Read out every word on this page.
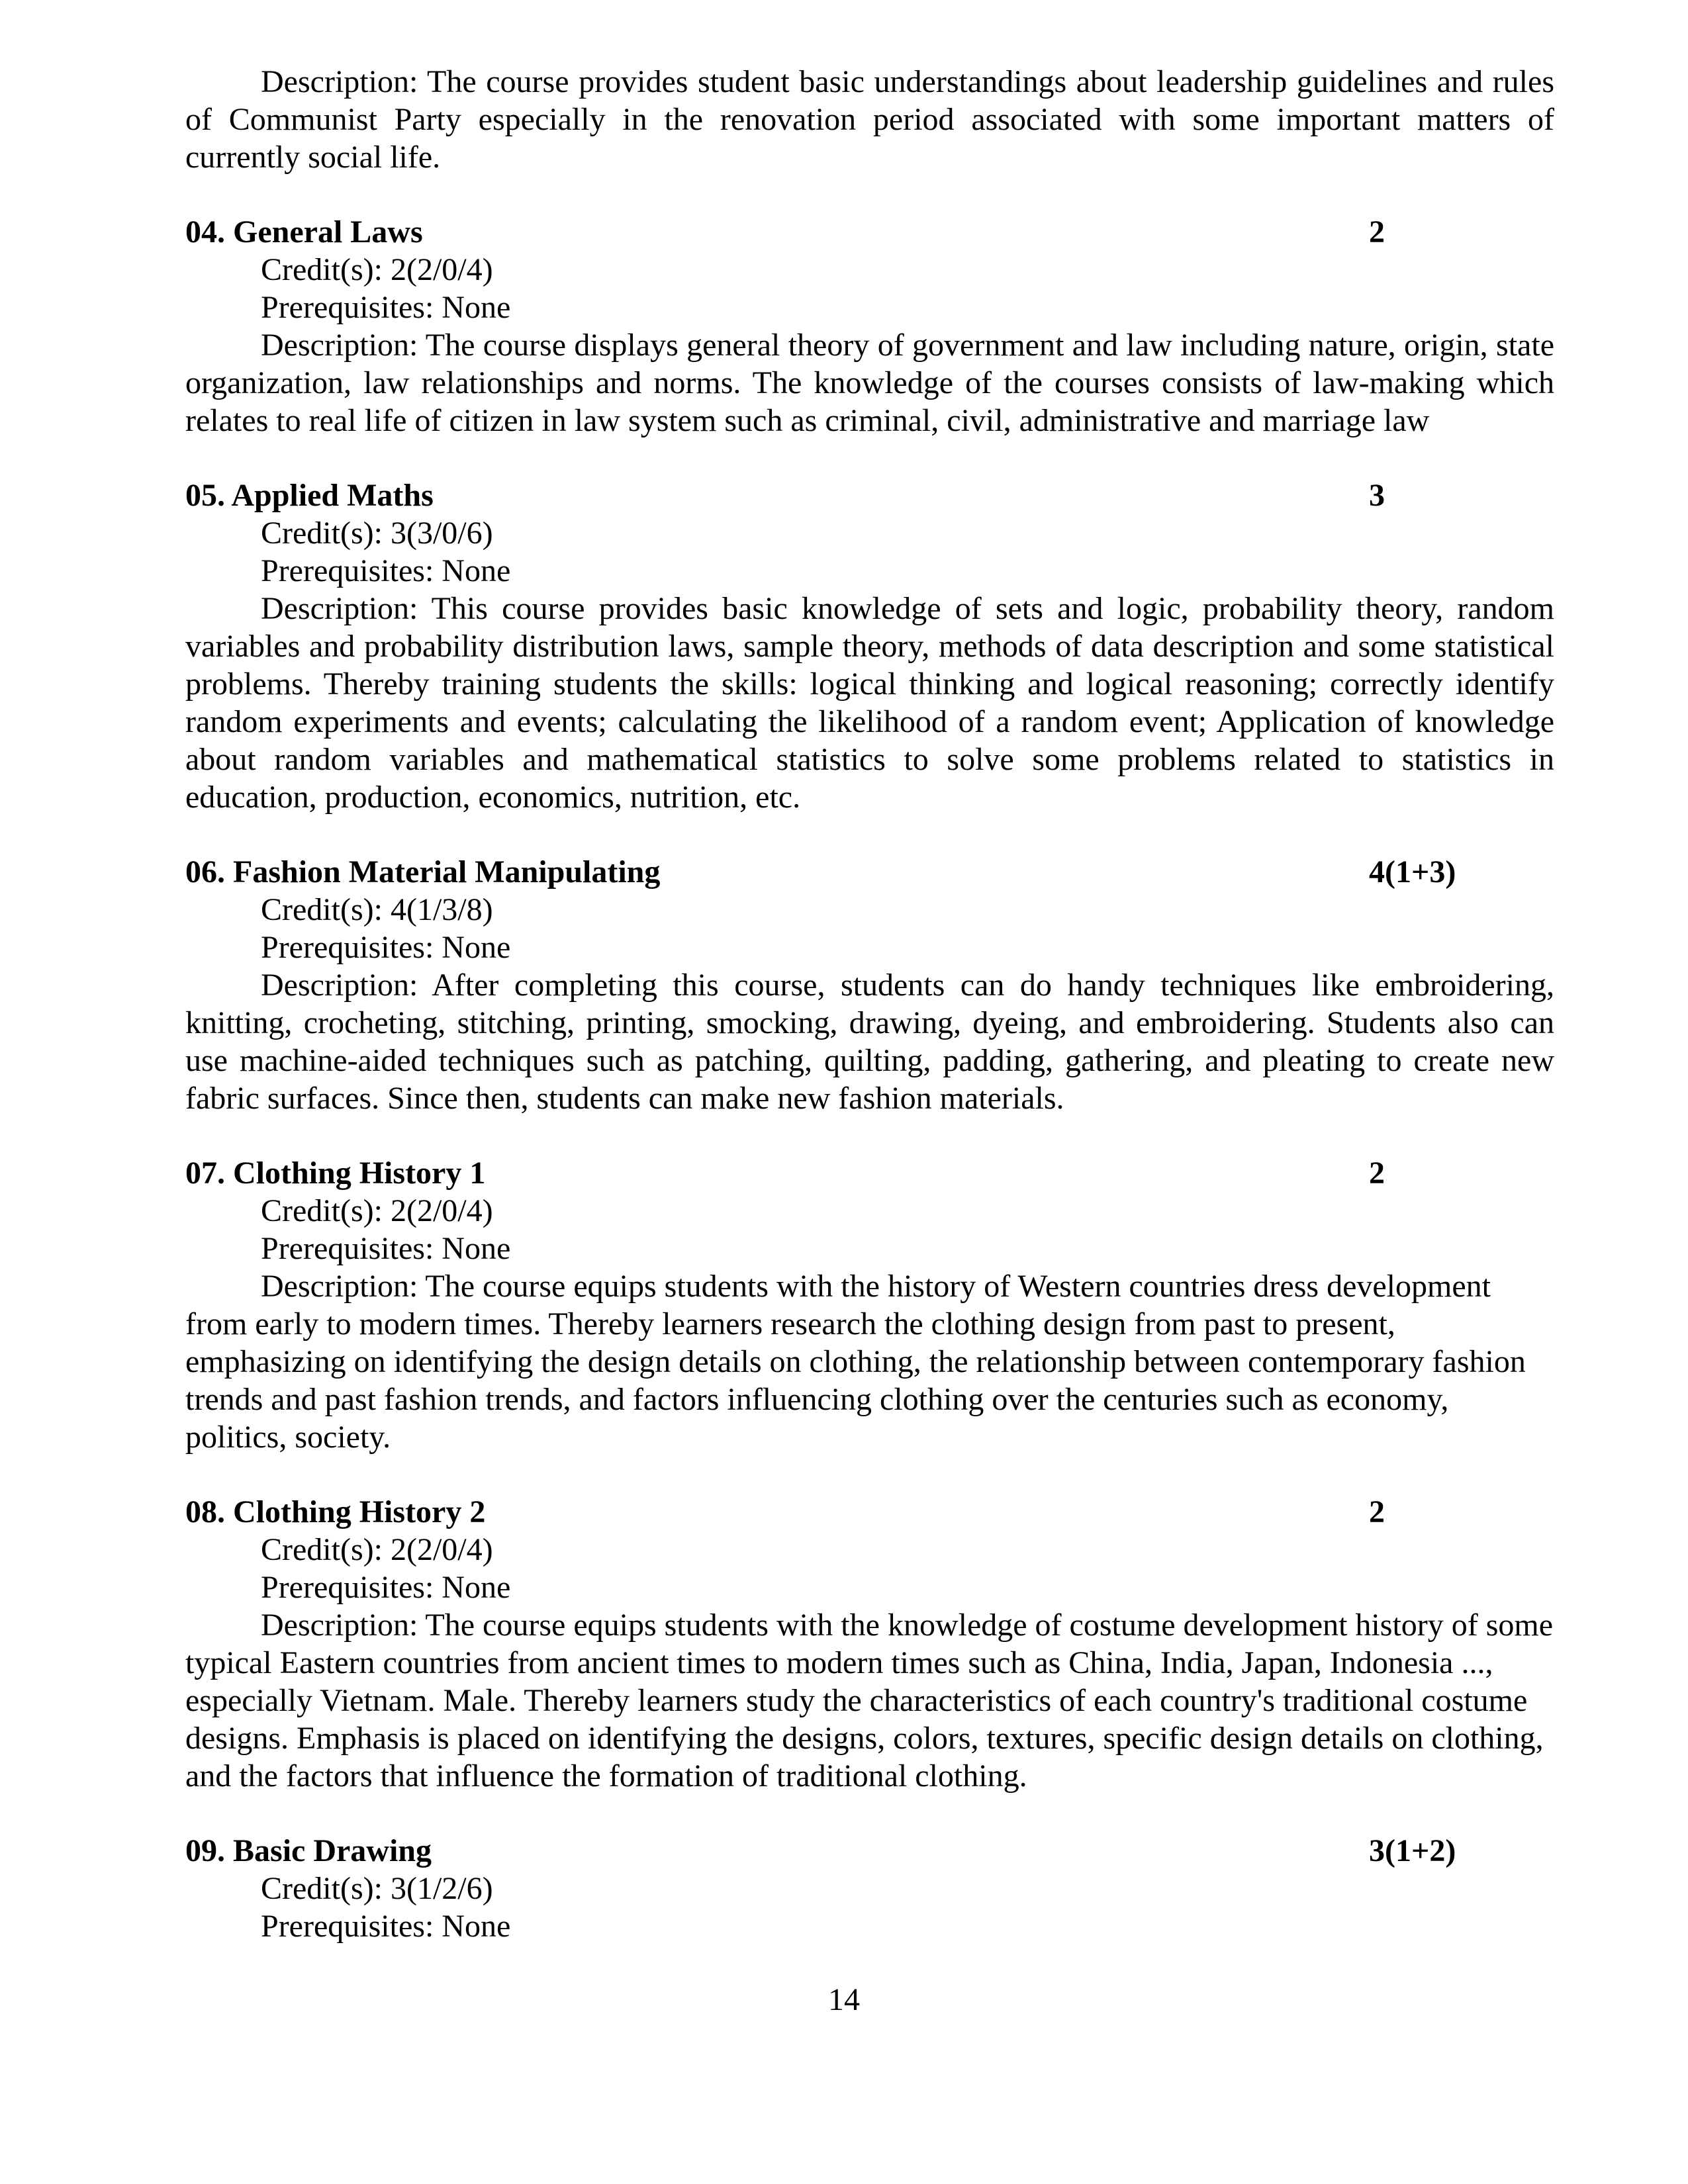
Description: The course provides student basic understandings about leadership guidelines and rules of Communist Party especially in the renovation period associated with some important matters of currently social life.

04. General Laws	2

Credit(s): 2(2/0/4)

Prerequisites: None

Description: The course displays general theory of government and law including nature, origin, state organization, law relationships and norms. The knowledge of the courses consists of law-making which relates to real life of citizen in law system such as criminal, civil, administrative and marriage law

05. Applied Maths	3

Credit(s): 3(3/0/6)

Prerequisites: None

Description: This course provides basic knowledge of sets and logic, probability theory, random variables and probability distribution laws, sample theory, methods of data description and some statistical problems. Thereby training students the skills: logical thinking and logical reasoning; correctly identify random experiments and events; calculating the likelihood of a random event; Application of knowledge about random variables and mathematical statistics to solve some problems related to statistics in education, production, economics, nutrition, etc.

06. Fashion Material Manipulating	4(1+3)

Credit(s): 4(1/3/8)

Prerequisites: None

Description: After completing this course, students can do handy techniques like embroidering, knitting, crocheting, stitching, printing, smocking, drawing, dyeing, and embroidering. Students also can use machine-aided techniques such as patching, quilting, padding, gathering, and pleating to create new fabric surfaces. Since then, students can make new fashion materials.

07. Clothing History 1	2

Credit(s): 2(2/0/4)

Prerequisites: None

Description: The course equips students with the history of Western countries dress development from early to modern times. Thereby learners research the clothing design from past to present, emphasizing on identifying the design details on clothing, the relationship between contemporary fashion trends and past fashion trends, and factors influencing clothing over the centuries such as economy, politics, society.

08. Clothing History 2	2

Credit(s): 2(2/0/4)

Prerequisites: None

Description: The course equips students with the knowledge of costume development history of some typical Eastern countries from ancient times to modern times such as China, India, Japan, Indonesia ..., especially Vietnam. Male. Thereby learners study the characteristics of each country's traditional costume designs. Emphasis is placed on identifying the designs, colors, textures, specific design details on clothing, and the factors that influence the formation of traditional clothing.

09. Basic Drawing	3(1+2)

Credit(s): 3(1/2/6)

Prerequisites: None

14
